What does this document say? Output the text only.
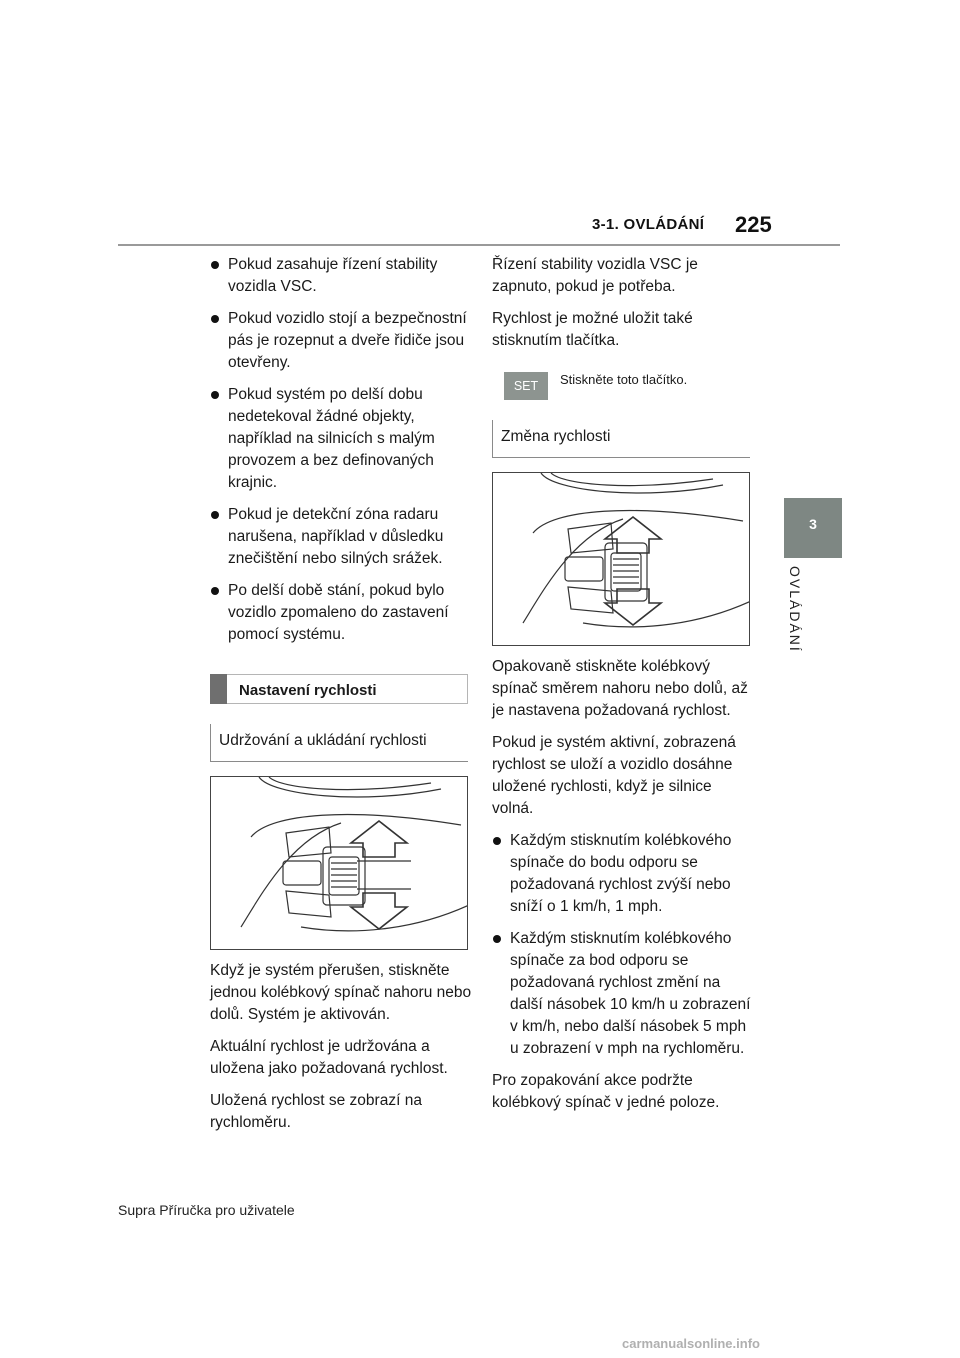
3-1. OVLÁDÁNÍ 225
3
OVLÁDÁNÍ
Pokud zasahuje řízení stability vozidla VSC.
Pokud vozidlo stojí a bezpečnostní pás je rozepnut a dveře řidiče jsou otevřeny.
Pokud systém po delší dobu nedetekoval žádné objekty, například na silnicích s malým provozem a bez definovaných krajnic.
Pokud je detekční zóna radaru narušena, například v důsledku znečištění nebo silných srážek.
Po delší době stání, pokud bylo vozidlo zpomaleno do zastavení pomocí systému.
Nastavení rychlosti
Udržování a ukládání rychlosti
Když je systém přerušen, stiskněte jednou kolébkový spínač nahoru nebo dolů. Systém je aktivován.
Aktuální rychlost je udržována a uložena jako požadovaná rychlost.
Uložená rychlost se zobrazí na rychloměru.
Řízení stability vozidla VSC je zapnuto, pokud je potřeba.
Rychlost je možné uložit také stisknutím tlačítka.
SET	Stiskněte toto tlačítko.
Změna rychlosti
Opakovaně stiskněte kolébkový spínač směrem nahoru nebo dolů, až je nastavena požadovaná rychlost.
Pokud je systém aktivní, zobrazená rychlost se uloží a vozidlo dosáhne uložené rychlosti, když je silnice volná.
Každým stisknutím kolébkového spínače do bodu odporu se požadovaná rychlost zvýší nebo sníží o 1 km/h, 1 mph.
Každým stisknutím kolébkového spínače za bod odporu se požadovaná rychlost změní na další násobek 10 km/h u zobrazení v km/h, nebo další násobek 5 mph u zobrazení v mph na rychloměru.
Pro zopakování akce podržte kolébkový spínač v jedné poloze.
Supra Příručka pro uživatele
carmanualsonline.info
